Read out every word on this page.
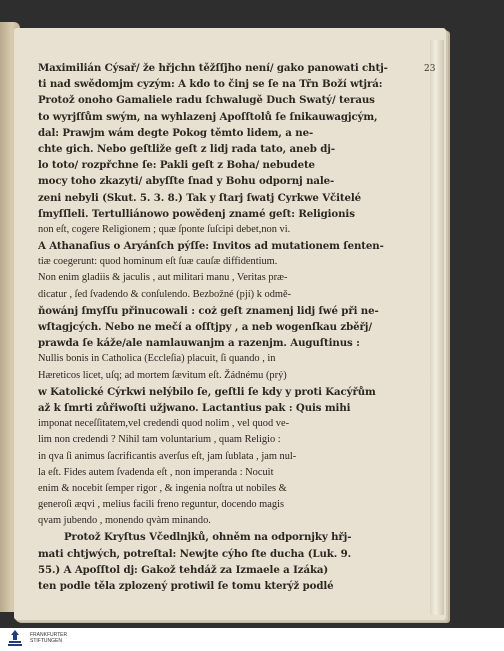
23
Maximilián Cýsař/ že hřjchn těžſſjho není/ gako panowati chtj-
ti nad swědomjm cyzým: A kdo to činj se ſe na Tr̃n Boží wtjrá:
Protož onoho Gamaliele radu ſchwalugě Duch Swatý/ teraus
to wyrjſſům swým, na wyhlazenj Apoſſtolů ſe ſnikauwagjcým,
dal: Prawjm wám degte Pokog těmto lidem, a ne-
chte gich. Nebo geſtliže geſt z lidj rada tato, aneb dj-
lo toto/ rozpřchne ſe: Pakli geſt z Boha/ nebudete
mocy toho zkazyti/ abyſſte ſnad y Bohu odpornj nale-
zeni nebyli (Skut. 5. 3. 8.) Tak y ſtarj ſwatj Cyrkwe Včitelé
ſmyſſleli. Tertulliánowo powědenj znamé geſt: Religionis
non eſt, cogere Religionem ; quæ ſponte ſuſcipi debet,non vi.
A Athanaſius o Aryánſch pýſſe: Invitos ad mutationem ſenten-
tiæ coegerunt: quod hominum eſt ſuæ cauſæ diffidentium.
Non enim gladiis & jaculis , aut militari manu , Veritas præ-
dicatur , ſed ſvadendo & conſulendo. Bezbožné (pjí) k odmě-
ňowánj ſmyſſu přinucowali : coż geſt znamenj lidj ſwé při ne-
wſtagjcých. Nebo ne mečí a oſſtjpy , a neb wogenſkau zběřj/
prawda ſe káže/ale namlauwanjm a razenjm. Auguſtinus :
Nullis bonis in Catholica (Eccleſia) placuit, ſi quando , in
Hæreticos licet, uſq; ad mortem ſævitum eſt. Žádnému (prý)
w Katolické Cýrkwi nelýbilo ſe, geſtli ſe kdy y proti Kacýřům
až k ſmrti zůřiwoſti užjwano. Lactantius pak : Quis mihi
imponat neceſſitatem,vel credendi quod nolim , vel quod ve-
lim non credendi ? Nihil tam voluntarium , quam Religio :
in qva ſi animus ſacrificantis averſus eſt, jam ſublata , jam nul-
la eſt. Fides autem ſvadenda eſt , non imperanda : Nocuit
enim & nocebit ſemper rigor , & ingenia noſtra ut nobiles &
generoſi æqvi , melius facili freno reguntur, docendo magis
qvam jubendo , monendo qvàm minando.
Protož Kryſtus Včedlnjků, ohněm na odpornjky hřj-
mati chtjwých, potreſtal: Newjte cýho ſte ducha (Luk. 9.
55.) A Apoſſtol dj: Gakož tehdáž za Izmaele a Izáka)
ten podle těla zplozený protiwil ſe tomu kterýž podlé
FRANKFURTER
STIFTUNGEN
